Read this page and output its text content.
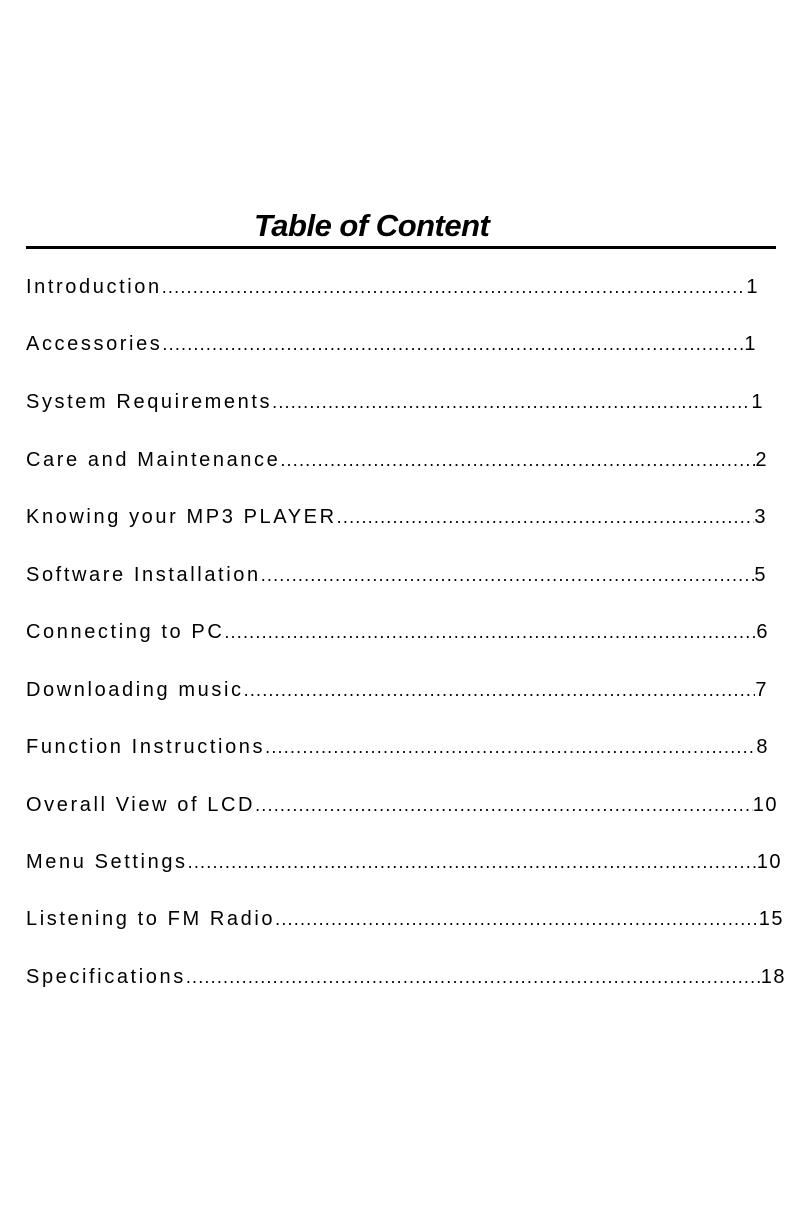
Table of Content
Introduction .....	1
Accessories .....	1
System Requirements .....	1
Care and Maintenance .....	2
Knowing your MP3 PLAYER .....	3
Software Installation .....	5
Connecting to PC .....	6
Downloading music .....	7
Function Instructions .....	8
Overall View of LCD .....	10
Menu Settings .....	10
Listening to FM Radio .....	15
Specifications .....	18
